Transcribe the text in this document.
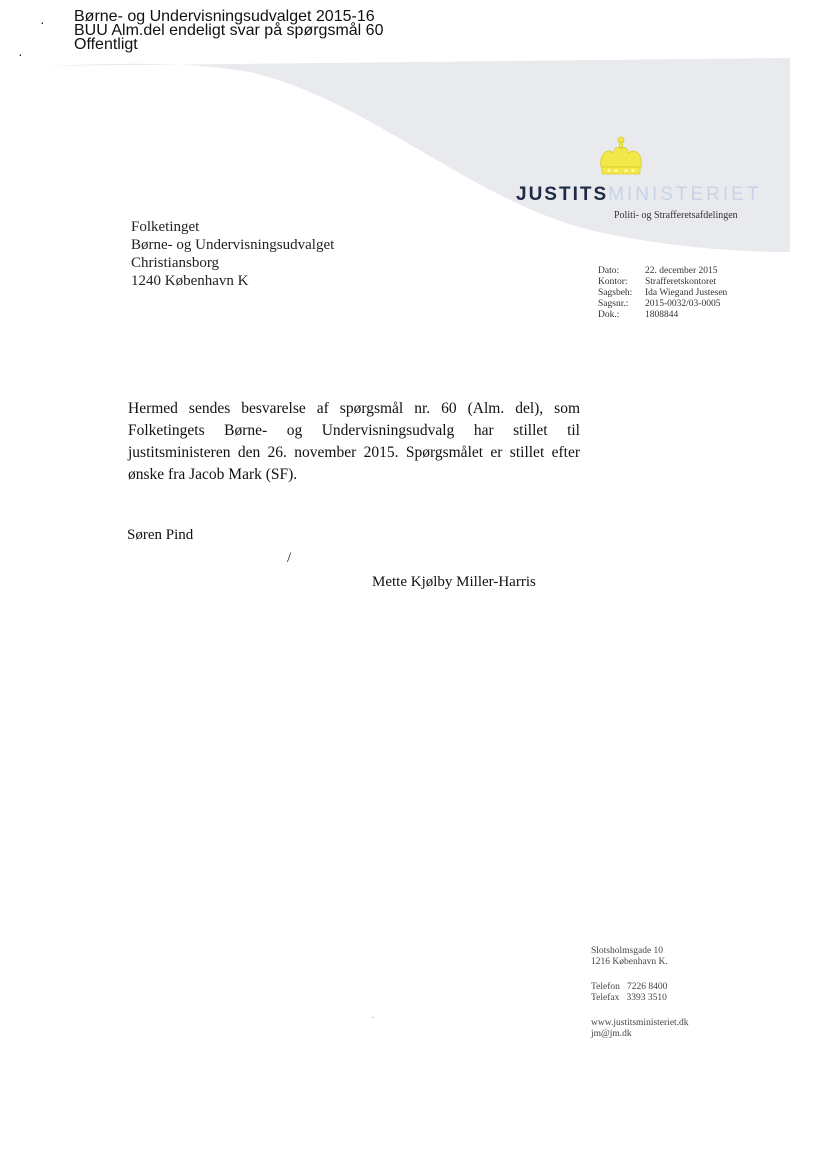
·
·
Børne- og Undervisningsudvalget 2015-16
BUU Alm.del endeligt svar på spørgsmål 60
Offentligt
JUSTITSMINISTERIET
Politi- og Strafferetsafdelingen
Folketinget
Børne- og Undervisningsudvalget
Christiansborg
1240 København K
Dato:	22. december 2015
Kontor:	Strafferetskontoret
Sagsbeh:	Ida Wiegand Justesen
Sagsnr.:	2015-0032/03-0005
Dok.:	1808844
Hermed sendes besvarelse af spørgsmål nr. 60 (Alm. del), som Folketingets Børne- og Undervisningsudvalg har stillet til justitsministeren den 26. november 2015. Spørgsmålet er stillet efter ønske fra Jacob Mark (SF).
Søren Pind
/
Mette Kjølby Miller-Harris
Slotsholmsgade 10
1216 København K.
Telefon   7226 8400
Telefax   3393 3510
www.justitsministeriet.dk
jm@jm.dk
